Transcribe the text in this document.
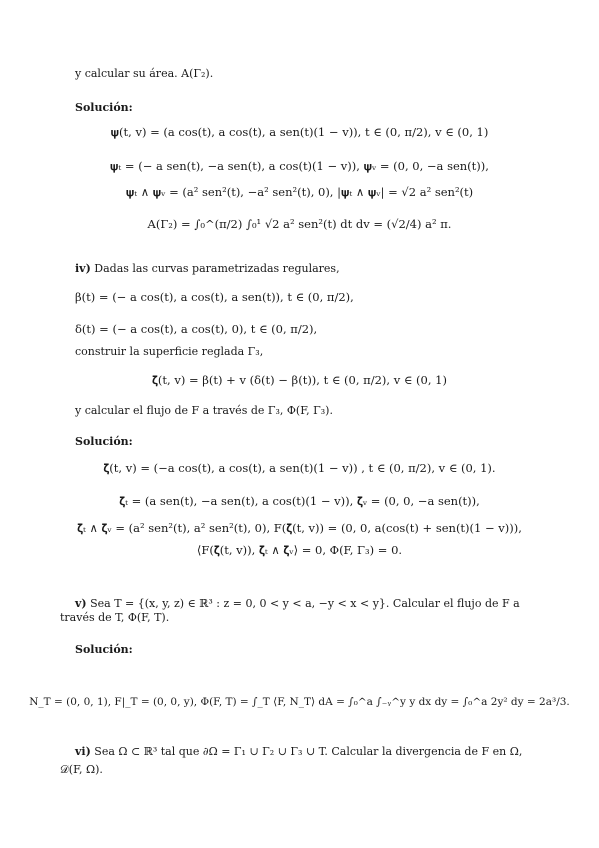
y calcular su área. A(Γ₂).
Solución:
𝛙(t, v) = (a cos(t), a cos(t), a sen(t)(1 − v)), t ∈ (0, π/2), v ∈ (0, 1)
𝛙ₜ = (− a sen(t), −a sen(t), a cos(t)(1 − v)), 𝛙ᵥ = (0, 0, −a sen(t)),
𝛙ₜ ∧ 𝛙ᵥ = (a² sen²(t), −a² sen²(t), 0), |𝛙ₜ ∧ 𝛙ᵥ| = √2 a² sen²(t)
A(Γ₂) = ∫₀^(π/2) ∫₀¹ √2 a² sen²(t) dt dv = (√2/4) a² π.
iv) Dadas las curvas parametrizadas regulares,
β(t) = (− a cos(t), a cos(t), a sen(t)), t ∈ (0, π/2),
δ(t) = (− a cos(t), a cos(t), 0), t ∈ (0, π/2),
construir la superficie reglada Γ₃,
𝛇(t, v) = β(t) + v (δ(t) − β(t)), t ∈ (0, π/2), v ∈ (0, 1)
y calcular el flujo de F a través de Γ₃, Φ(F, Γ₃).
Solución:
𝛇(t, v) = (−a cos(t), a cos(t), a sen(t)(1 − v)) , t ∈ (0, π/2), v ∈ (0, 1).
𝛇ₜ = (a sen(t), −a sen(t), a cos(t)(1 − v)), 𝛇ᵥ = (0, 0, −a sen(t)),
𝛇ₜ ∧ 𝛇ᵥ = (a² sen²(t), a² sen²(t), 0), F(𝛇(t, v)) = (0, 0, a(cos(t) + sen(t)(1 − v))),
⟨F(𝛇(t, v)), 𝛇ₜ ∧ 𝛇ᵥ⟩ = 0, Φ(F, Γ₃) = 0.
v) Sea T = {(x, y, z) ∈ ℝ³ : z = 0, 0 < y < a, −y < x < y}. Calcular el flujo de F a
través de T, Φ(F, T).
Solución:
N_T = (0, 0, 1), F|_T = (0, 0, y), Φ(F, T) = ∫_T ⟨F, N_T⟩ dA = ∫₀^a ∫₋ᵧ^y y dx dy = ∫₀^a 2y² dy = 2a³/3.
vi) Sea Ω ⊂ ℝ³ tal que ∂Ω = Γ₁ ∪ Γ₂ ∪ Γ₃ ∪ T. Calcular la divergencia de F en Ω,
𝒟(F, Ω).
